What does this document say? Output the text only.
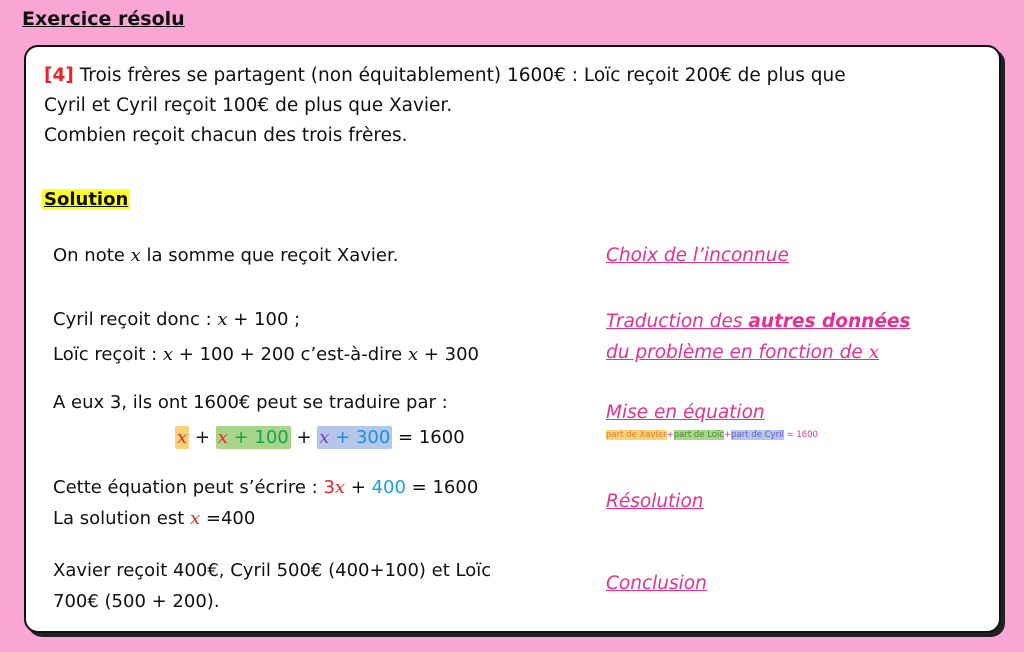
Exercice résolu
[4] Trois frères se partagent (non équitablement) 1600€ : Loïc reçoit 200€ de plus que
Cyril et Cyril reçoit 100€ de plus que Xavier.
Combien reçoit chacun des trois frères.
Solution
On note x la somme que reçoit Xavier.	Choix de l’inconnue
Cyril reçoit donc : x + 100 ;
Loïc reçoit : x + 100 + 200 c’est-à-dire x + 300
Traduction des autres données
du problème en fonction de x
A eux 3, ils ont 1600€ peut se traduire par :
x + x + 100 + x + 300 = 1600
Mise en équation
part de Xavier+part de Loïc+part de Cyril = 1600
Cette équation peut s’écrire : 3x + 400 = 1600
La solution est x =400
Résolution
Xavier reçoit 400€, Cyril 500€ (400+100) et Loïc
700€ (500 + 200).
Conclusion
